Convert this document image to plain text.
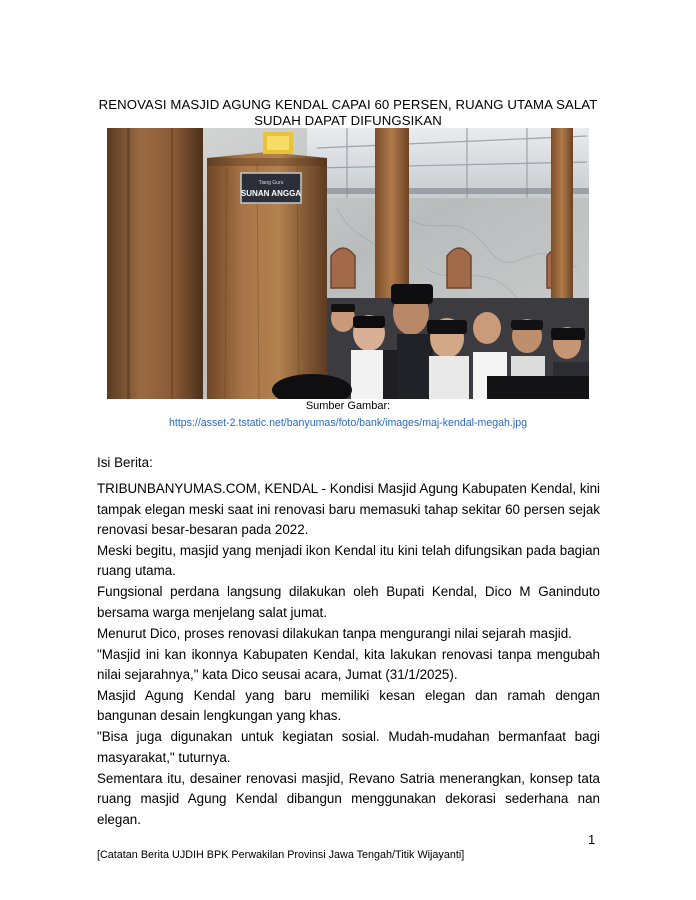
RENOVASI MASJID AGUNG KENDAL CAPAI 60 PERSEN, RUANG UTAMA SALAT SUDAH DAPAT DIFUNGSIKAN
Tiang Guru
SUNAN ANGGA
Sumber Gambar:
https://asset-2.tstatic.net/banyumas/foto/bank/images/maj-kendal-megah.jpg
Isi Berita:

TRIBUNBANYUMAS.COM, KENDAL - Kondisi Masjid Agung Kabupaten Kendal, kini tampak elegan meski saat ini renovasi baru memasuki tahap sekitar 60 persen sejak renovasi besar-besaran pada 2022.

Meski begitu, masjid yang menjadi ikon Kendal itu kini telah difungsikan pada bagian ruang utama.

Fungsional perdana langsung dilakukan oleh Bupati Kendal, Dico M Ganinduto bersama warga menjelang salat jumat.

Menurut Dico, proses renovasi dilakukan tanpa mengurangi nilai sejarah masjid.

"Masjid ini kan ikonnya Kabupaten Kendal, kita lakukan renovasi tanpa mengubah nilai sejarahnya," kata Dico seusai acara, Jumat (31/1/2025).

Masjid Agung Kendal yang baru memiliki kesan elegan dan ramah dengan bangunan desain lengkungan yang khas.

"Bisa juga digunakan untuk kegiatan sosial. Mudah-mudahan bermanfaat bagi masyarakat," tuturnya.

Sementara itu, desainer renovasi masjid, Revano Satria menerangkan, konsep tata ruang masjid Agung Kendal dibangun menggunakan dekorasi sederhana nan elegan.

1
[Catatan Berita UJDIH BPK Perwakilan Provinsi Jawa Tengah/Titik Wijayanti]
